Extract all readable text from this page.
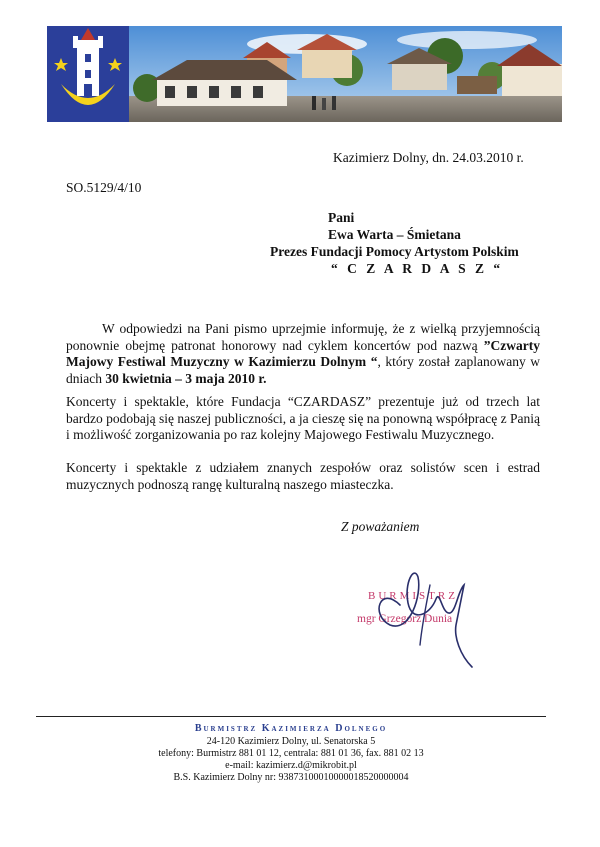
Kazimierz Dolny, dn. 24.03.2010 r.
SO.5129/4/10
Pani
Ewa Warta – Śmietana
Prezes Fundacji Pomocy Artystom Polskim
“ C Z A R D A S Z “
W odpowiedzi na Pani pismo uprzejmie informuję, że z wielką przyjemnością ponownie obejmę patronat honorowy nad cyklem koncertów pod nazwą ”Czwarty Majowy Festiwal Muzyczny w Kazimierzu Dolnym “, który został zaplanowany w dniach 30 kwietnia – 3 maja 2010 r.
Koncerty i spektakle, które Fundacja “CZARDASZ” prezentuje już od trzech lat bardzo podobają się naszej publiczności, a ja cieszę się na ponowną współpracę z Panią i możliwość zorganizowania po raz kolejny Majowego Festiwalu Muzycznego.
Koncerty i spektakle z udziałem znanych zespołów oraz solistów scen i estrad muzycznych podnoszą rangę kulturalną naszego miasteczka.
Z poważaniem
BURMISTRZ
mgr Grzegorz Dunia
Burmistrz Kazimierza Dolnego
24-120 Kazimierz Dolny, ul. Senatorska 5
telefony: Burmistrz 881 01 12, centrala: 881 01 36, fax. 881 02 13
e-mail: kazimierz.d@mikrobit.pl
B.S. Kazimierz Dolny nr: 93873100010000018520000004
